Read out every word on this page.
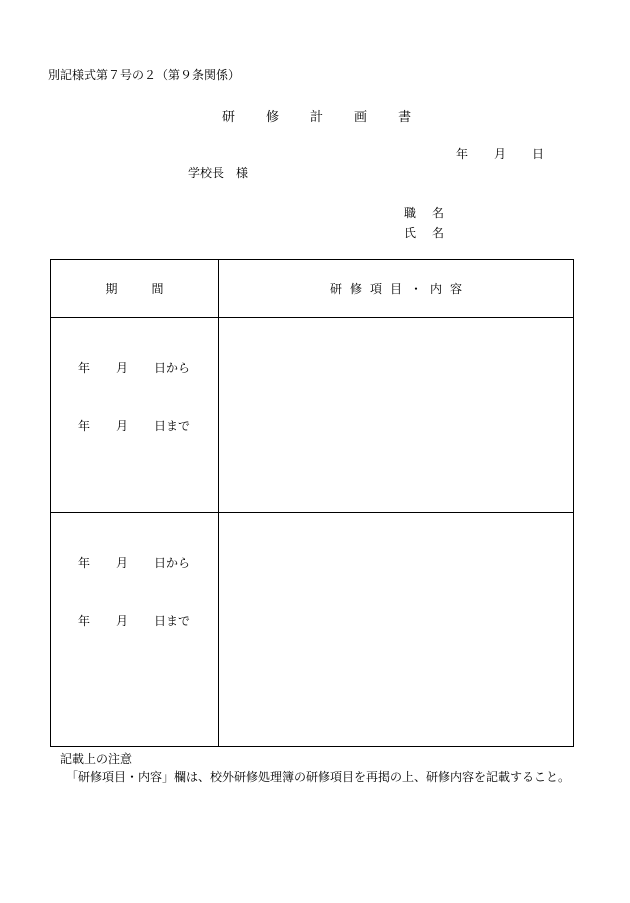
別記様式第７号の２（第９条関係）
研 修 計 画 書
年 月 日
学校長 様
職 名
氏 名
期 間	研 修 項 目 ・ 内 容

年 月 日から
年 月 日まで	

年 月 日から
年 月 日まで	

記載上の注意
「研修項目・内容」欄は、校外研修処理簿の研修項目を再掲の上、研修内容を記載すること。
